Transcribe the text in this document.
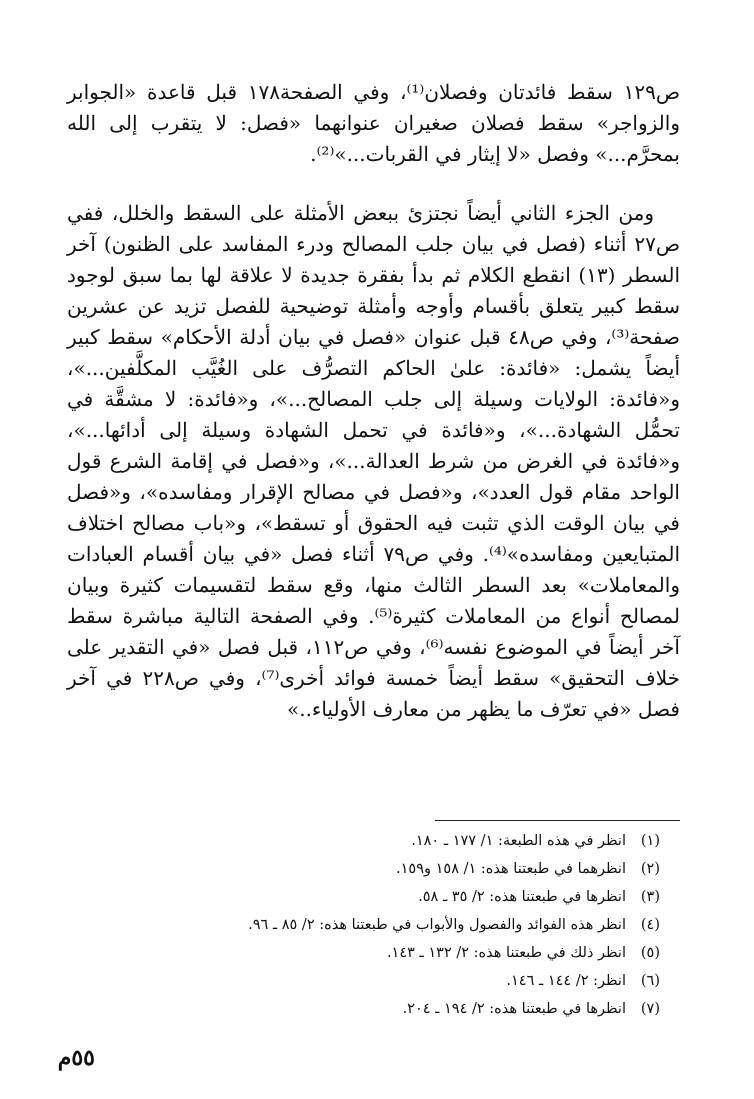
ص١٢٩ سقط فائدتان وفصلان⁽¹⁾، وفي الصفحة١٧٨ قبل قاعدة «الجوابر والزواجر» سقط فصلان صغيران عنوانهما «فصل: لا يتقرب إلى الله بمحرَّم...» وفصل «لا إيثار في القربات...»⁽²⁾.

ومن الجزء الثاني أيضاً نجتزئ ببعض الأمثلة على السقط والخلل، ففي ص٢٧ أثناء (فصل في بيان جلب المصالح ودرء المفاسد على الظنون) آخر السطر (١٣) انقطع الكلام ثم بدأ بفقرة جديدة لا علاقة لها بما سبق لوجود سقط كبير يتعلق بأقسام وأوجه وأمثلة توضيحية للفصل تزيد عن عشرين صفحة⁽³⁾، وفي ص٤٨ قبل عنوان «فصل في بيان أدلة الأحكام» سقط كبير أيضاً يشمل: «فائدة: علىٰ الحاكم التصرُّف على الغُيَّب المكلَّفين...»، و«فائدة: الولايات وسيلة إلى جلب المصالح...»، و«فائدة: لا مشقَّة في تحمُّل الشهادة...»، و«فائدة في تحمل الشهادة وسيلة إلى أدائها...»، و«فائدة في الغرض من شرط العدالة...»، و«فصل في إقامة الشرع قول الواحد مقام قول العدد»، و«فصل في مصالح الإقرار ومفاسده»، و«فصل في بيان الوقت الذي تثبت فيه الحقوق أو تسقط»، و«باب مصالح اختلاف المتبايعين ومفاسده»⁽⁴⁾. وفي ص٧٩ أثناء فصل «في بيان أقسام العبادات والمعاملات» بعد السطر الثالث منها، وقع سقط لتقسيمات كثيرة وبيان لمصالح أنواع من المعاملات كثيرة⁽⁵⁾. وفي الصفحة التالية مباشرة سقط آخر أيضاً في الموضوع نفسه⁽⁶⁾، وفي ص١١٢، قبل فصل «في التقدير على خلاف التحقيق» سقط أيضاً خمسة فوائد أخرى⁽⁷⁾، وفي ص٢٢٨ في آخر فصل «في تعرّف ما يظهر من معارف الأولياء..»

(١)
انظر في هذه الطبعة: ١/ ١٧٧ ـ ١٨٠.
(٢)
انظرهما في طبعتنا هذه: ١/ ١٥٨ و١٥٩.
(٣)
انظرها في طبعتنا هذه: ٢/ ٣٥ ـ ٥٨.
(٤)
انظر هذه الفوائد والفصول والأبواب في طبعتنا هذه: ٢/ ٨٥ ـ ٩٦.
(٥)
انظر ذلك في طبعتنا هذه: ٢/ ١٣٢ ـ ١٤٣.
(٦)
انظر: ٢/ ١٤٤ ـ ١٤٦.
(٧)
انظرها في طبعتنا هذه: ٢/ ١٩٤ ـ ٢٠٤.
٥٥م
